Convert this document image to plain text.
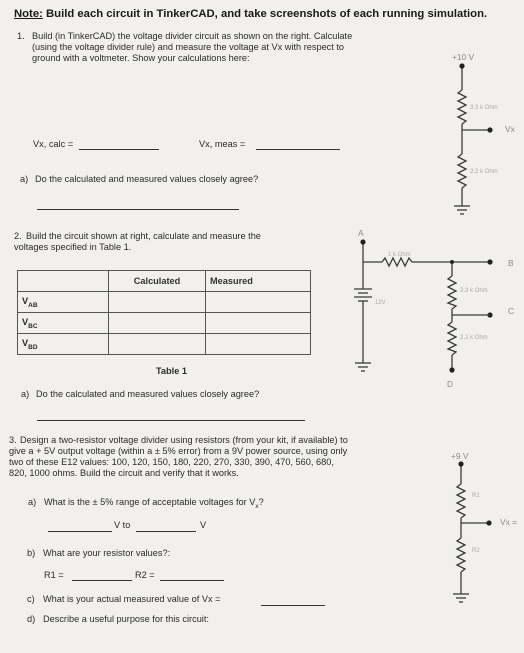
Note: Build each circuit in TinkerCAD, and take screenshots of each running simulation.
1. Build (in TinkerCAD) the voltage divider circuit as shown on the right. Calculate
(using the voltage divider rule) and measure the voltage at Vx with respect to
ground with a voltmeter. Show your calculations here:
Vx, calc =	Vx, meas =
a) Do the calculated and measured values closely agree?
2. Build the circuit shown at right, calculate and measure the
voltages specified in Table 1.
	Calculated	Measured
$V_{AB}$		
$V_{BC}$		
$V_{BD}$		
Table 1
a) Do the calculated and measured values closely agree?
3. Design a two-resistor voltage divider using resistors (from your kit, if available) to
give a + 5V output voltage (within a ± 5% error) from a 9V power source, using only
two of these E12 values: 100, 120, 150, 180, 220, 270, 330, 390, 470, 560, 680,
820, 1000 ohms. Build the circuit and verify that it works.
a) What is the ± 5% range of acceptable voltages for $V_x$?
V to	V
b) What are your resistor values?:
R1 =	R2 =
c) What is your actual measured value of Vx =
d) Describe a useful purpose for this circuit:
+10 V
3.3 k Ohm
Vx
2.2 k Ohm
A
1 k Ohm
B
3.3 k Ohm
12V
C
2.2 k Ohm
D
+9 V
R1
Vx =
R2
